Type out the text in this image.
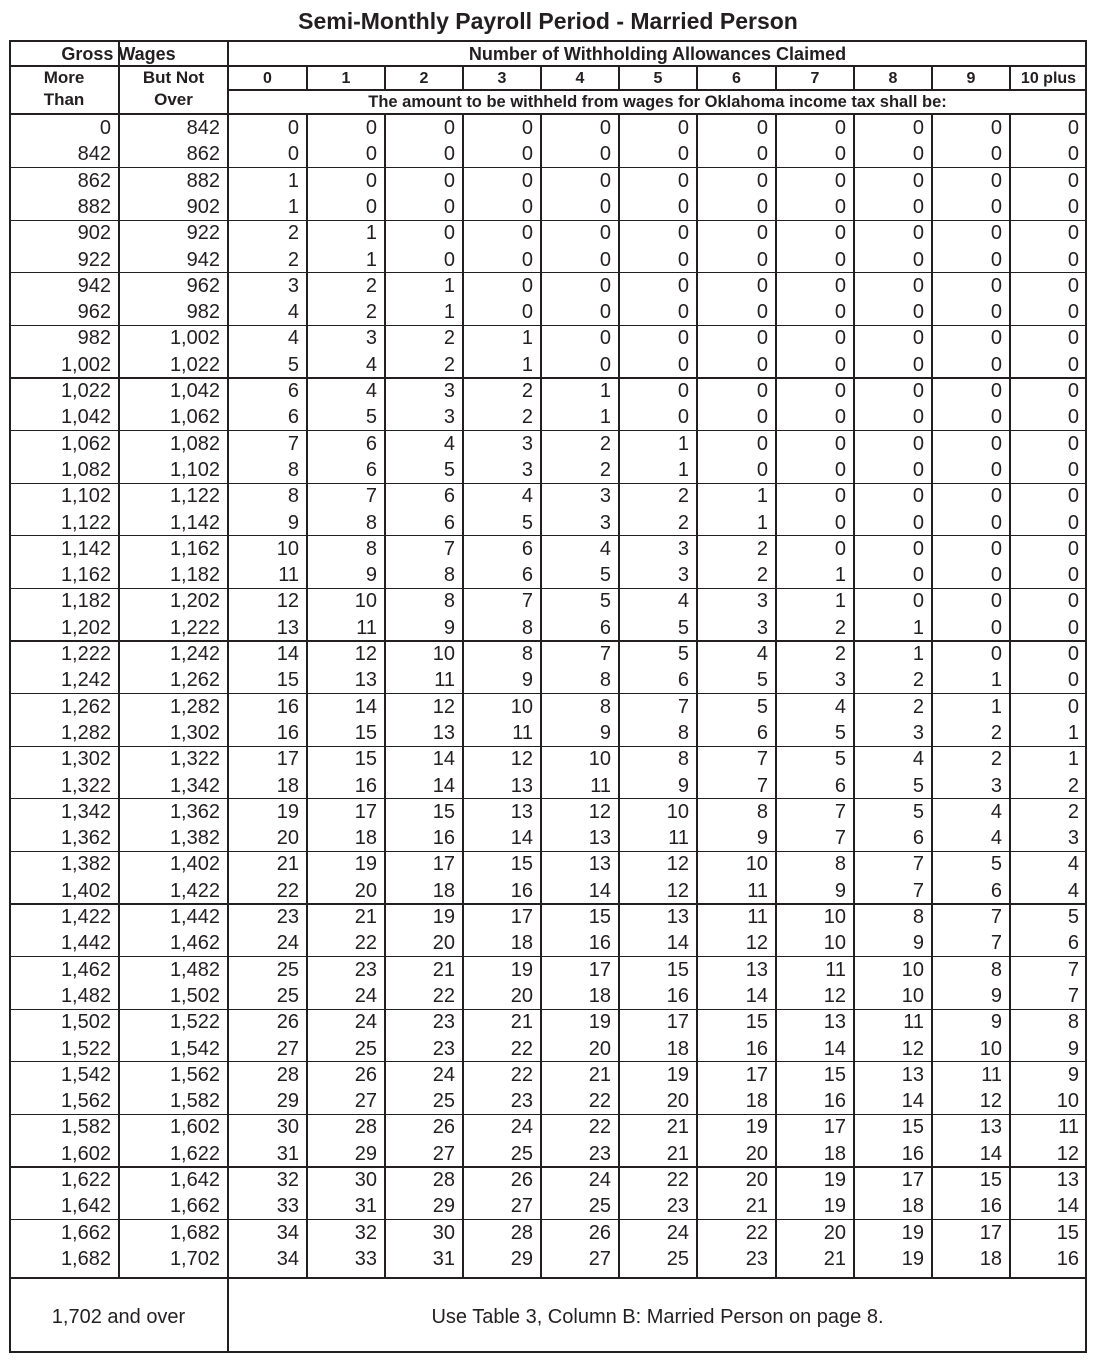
Semi-Monthly Payroll Period - Married Person
Gross Wages
More
Than
But Not
Over
Number of Withholding Allowances Claimed
0	1	2	3	4	5	6	7	8	9	10 plus
The amount to be withheld from wages for Oklahoma income tax shall be:
0	842	0	0	0	0	0	0	0	0	0	0	0
842	862	0	0	0	0	0	0	0	0	0	0	0
862	882	1	0	0	0	0	0	0	0	0	0	0
882	902	1	0	0	0	0	0	0	0	0	0	0
902	922	2	1	0	0	0	0	0	0	0	0	0
922	942	2	1	0	0	0	0	0	0	0	0	0
942	962	3	2	1	0	0	0	0	0	0	0	0
962	982	4	2	1	0	0	0	0	0	0	0	0
982	1,002	4	3	2	1	0	0	0	0	0	0	0
1,002	1,022	5	4	2	1	0	0	0	0	0	0	0
1,022	1,042	6	4	3	2	1	0	0	0	0	0	0
1,042	1,062	6	5	3	2	1	0	0	0	0	0	0
1,062	1,082	7	6	4	3	2	1	0	0	0	0	0
1,082	1,102	8	6	5	3	2	1	0	0	0	0	0
1,102	1,122	8	7	6	4	3	2	1	0	0	0	0
1,122	1,142	9	8	6	5	3	2	1	0	0	0	0
1,142	1,162	10	8	7	6	4	3	2	0	0	0	0
1,162	1,182	11	9	8	6	5	3	2	1	0	0	0
1,182	1,202	12	10	8	7	5	4	3	1	0	0	0
1,202	1,222	13	11	9	8	6	5	3	2	1	0	0
1,222	1,242	14	12	10	8	7	5	4	2	1	0	0
1,242	1,262	15	13	11	9	8	6	5	3	2	1	0
1,262	1,282	16	14	12	10	8	7	5	4	2	1	0
1,282	1,302	16	15	13	11	9	8	6	5	3	2	1
1,302	1,322	17	15	14	12	10	8	7	5	4	2	1
1,322	1,342	18	16	14	13	11	9	7	6	5	3	2
1,342	1,362	19	17	15	13	12	10	8	7	5	4	2
1,362	1,382	20	18	16	14	13	11	9	7	6	4	3
1,382	1,402	21	19	17	15	13	12	10	8	7	5	4
1,402	1,422	22	20	18	16	14	12	11	9	7	6	4
1,422	1,442	23	21	19	17	15	13	11	10	8	7	5
1,442	1,462	24	22	20	18	16	14	12	10	9	7	6
1,462	1,482	25	23	21	19	17	15	13	11	10	8	7
1,482	1,502	25	24	22	20	18	16	14	12	10	9	7
1,502	1,522	26	24	23	21	19	17	15	13	11	9	8
1,522	1,542	27	25	23	22	20	18	16	14	12	10	9
1,542	1,562	28	26	24	22	21	19	17	15	13	11	9
1,562	1,582	29	27	25	23	22	20	18	16	14	12	10
1,582	1,602	30	28	26	24	22	21	19	17	15	13	11
1,602	1,622	31	29	27	25	23	21	20	18	16	14	12
1,622	1,642	32	30	28	26	24	22	20	19	17	15	13
1,642	1,662	33	31	29	27	25	23	21	19	18	16	14
1,662	1,682	34	32	30	28	26	24	22	20	19	17	15
1,682	1,702	34	33	31	29	27	25	23	21	19	18	16
1,702 and over	Use Table 3, Column B: Married Person on page 8.
